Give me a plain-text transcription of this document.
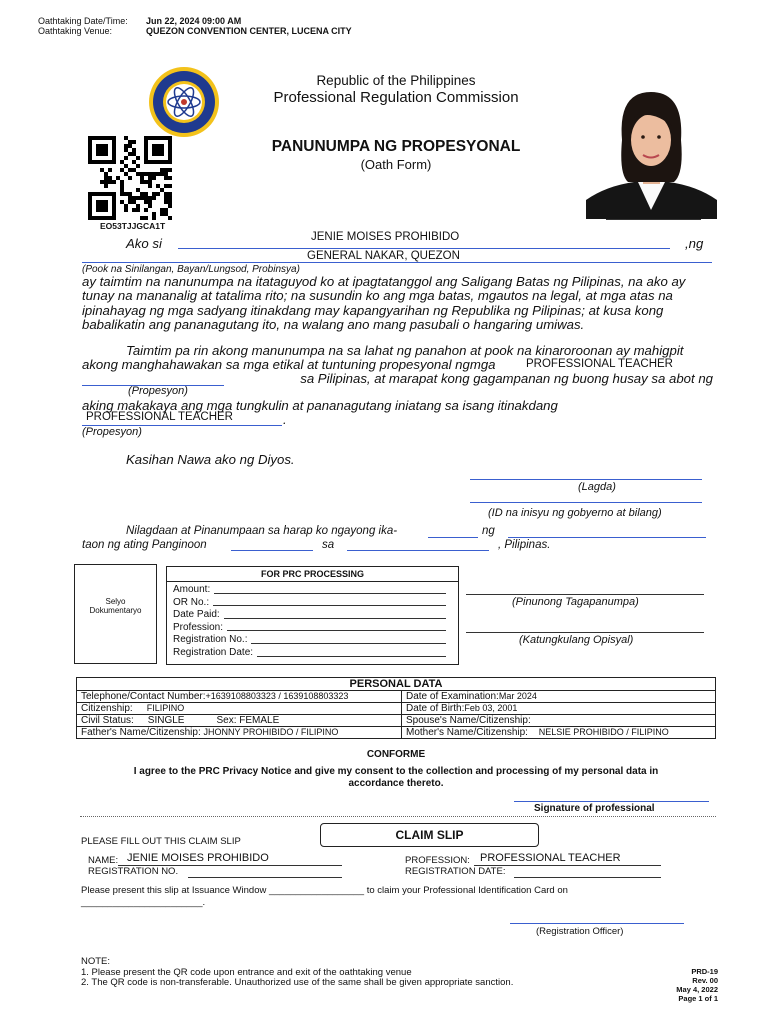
Oathtaking Date/Time:	Jun 22, 2024 09:00 AM
Oathtaking Venue:	QUEZON CONVENTION CENTER, LUCENA CITY
Republic of the Philippines
Professional Regulation Commission
EO53TJJGCA1T
PANUNUMPA NG PROPESYONAL
(Oath Form)
Ako si	JENIE MOISES PROHIBIDO	,ng
GENERAL NAKAR, QUEZON
(Pook na Sinilangan, Bayan/Lungsod, Probinsya)
ay taimtim na nanunumpa na itataguyod ko at ipagtatanggol ang Saligang Batas ng Pilipinas, na ako ay
tunay na mananalig at tatalima rito; na susundin ko ang mga batas, mgautos na legal, at mga atas na
ipinahayag ng mga sadyang itinakdang may kapangyarihan ng Republika ng Pilipinas; at kusa kong
babalikatin ang pananagutang ito, na walang ano mang pasubali o hangaring umiwas.
Taimtim pa rin akong manunumpa na sa lahat ng panahon at pook na kinaroroonan ay mahigpit
akong manghahawakan sa mga etikal at tuntuning propesyonal ngmga	PROFESSIONAL TEACHER
sa Pilipinas, at marapat kong gagampanan ng buong husay sa abot ng
(Propesyon)
aking makakaya ang mga tungkulin at pananagutang iniatang sa isang itinakdang
PROFESSIONAL TEACHER	.
(Propesyon)
Kasihan Nawa ako ng Diyos.
(Lagda)
(ID na inisyu ng gobyerno at bilang)
Nilagdaan at Pinanumpaan sa harap ko ngayong ika-	ng
taon ng ating Panginoon	sa	, Pilipinas.
Selyo
Dokumentaryo
FOR PRC PROCESSING
Amount:
OR No.:
Date Paid:
Profession:
Registration No.:
Registration Date:
(Pinunong Tagapanumpa)
(Katungkulang Opisyal)
PERSONAL DATA
Telephone/Contact Number:+1639108803323 / 1639108803323	Date of Examination:Mar 2024
Citizenship: FILIPINO	Date of Birth:Feb 03, 2001
Civil Status: SINGLE Sex: FEMALE	Spouse's Name/Citizenship:
Father's Name/Citizenship: JHONNY PROHIBIDO / FILIPINO	Mother's Name/Citizenship: NELSIE PROHIBIDO / FILIPINO
CONFORME
I agree to the PRC Privacy Notice and give my consent to the collection and processing of my personal data in
accordance thereto.
Signature of professional
PLEASE FILL OUT THIS CLAIM SLIP	CLAIM SLIP
NAME: JENIE MOISES PROHIBIDO
REGISTRATION NO.
PROFESSION: PROFESSIONAL TEACHER
REGISTRATION DATE:
Please present this slip at Issuance Window __________________ to claim your Professional Identification Card on
_______________________.
(Registration Officer)
NOTE:
1. Please present the QR code upon entrance and exit of the oathtaking venue
2. The QR code is non-transferable. Unauthorized use of the same shall be given appropriate sanction.
PRD-19
Rev. 00
May 4, 2022
Page 1 of 1
